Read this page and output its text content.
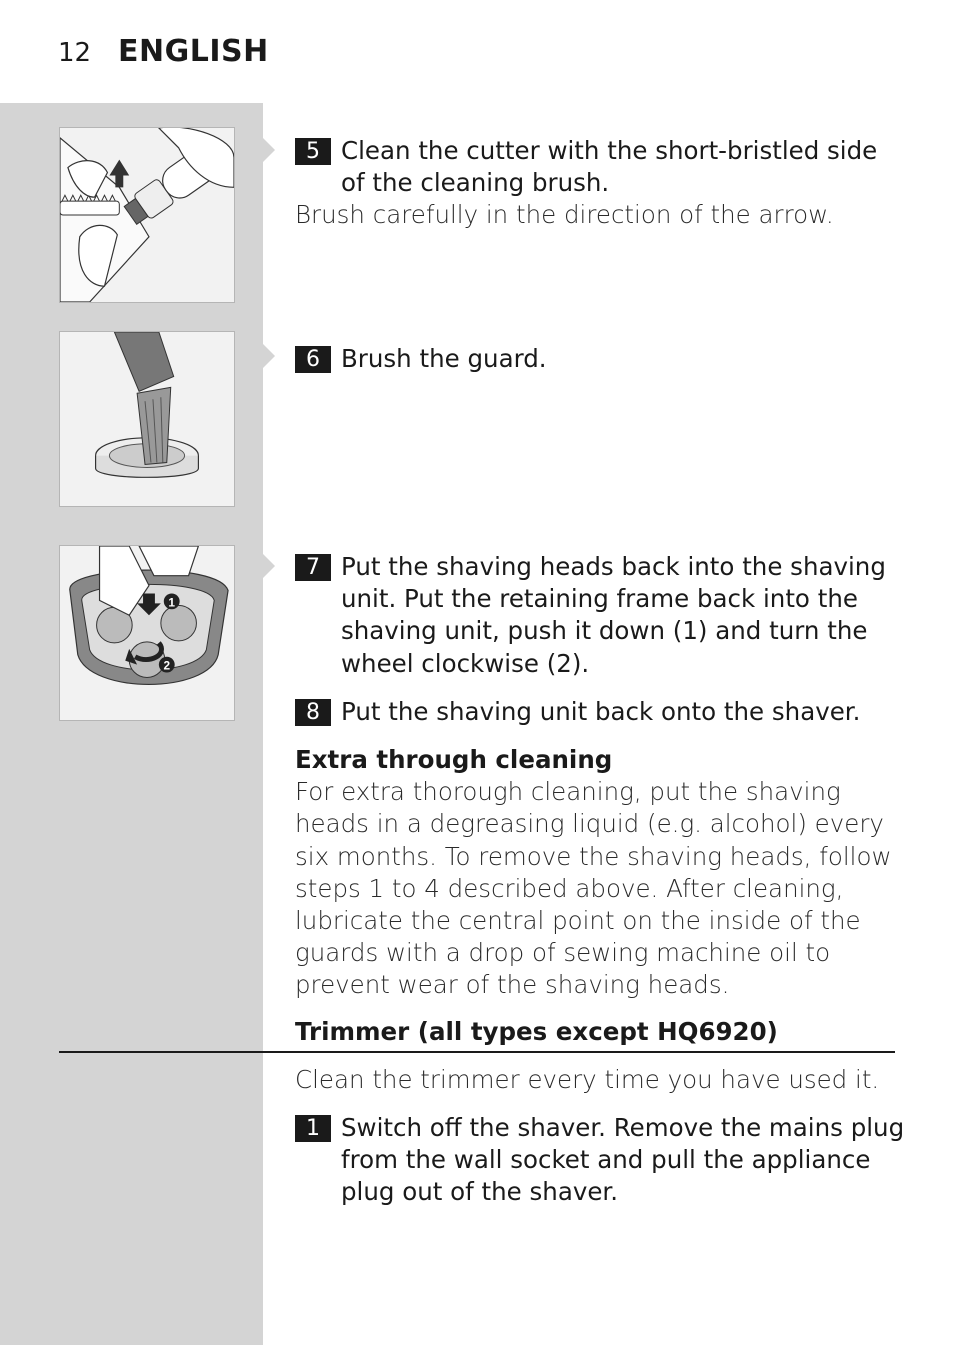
12 ENGLISH
1
2
5 Clean the cutter with the short-bristled side of the cleaning brush.
Brush carefully in the direction of the arrow.
6 Brush the guard.
7 Put the shaving heads back into the shaving unit. Put the retaining frame back into the shaving unit, push it down (1) and turn the wheel clockwise (2).
8 Put the shaving unit back onto the shaver.
Extra through cleaning
For extra thorough cleaning, put the shaving heads in a degreasing liquid (e.g. alcohol) every six months. To remove the shaving heads, follow steps 1 to 4 described above. After cleaning, lubricate the central point on the inside of the guards with a drop of sewing machine oil to prevent wear of the shaving heads.
Trimmer (all types except HQ6920)
Clean the trimmer every time you have used it.
1 Switch off the shaver. Remove the mains plug from the wall socket and pull the appliance plug out of the shaver.
